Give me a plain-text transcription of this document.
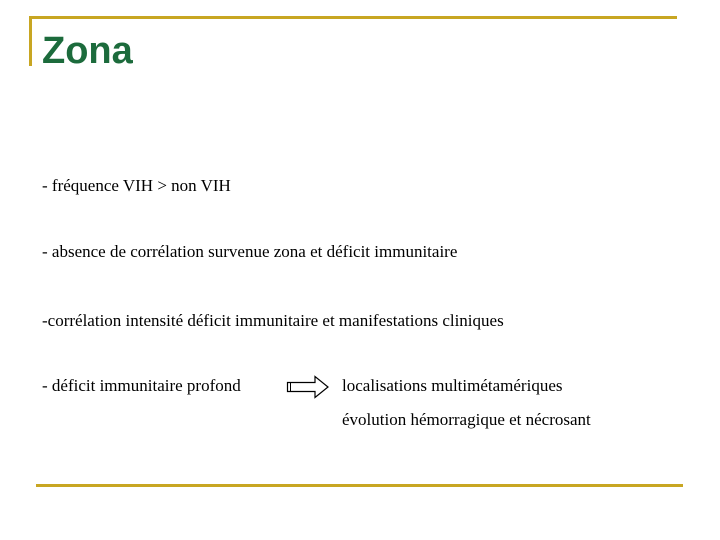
Zona

- fréquence VIH > non VIH

- absence de corrélation survenue zona et déficit immunitaire

-corrélation intensité déficit immunitaire et manifestations cliniques

- déficit immunitaire profond	localisations multimétamériques

évolution hémorragique et nécrosant
